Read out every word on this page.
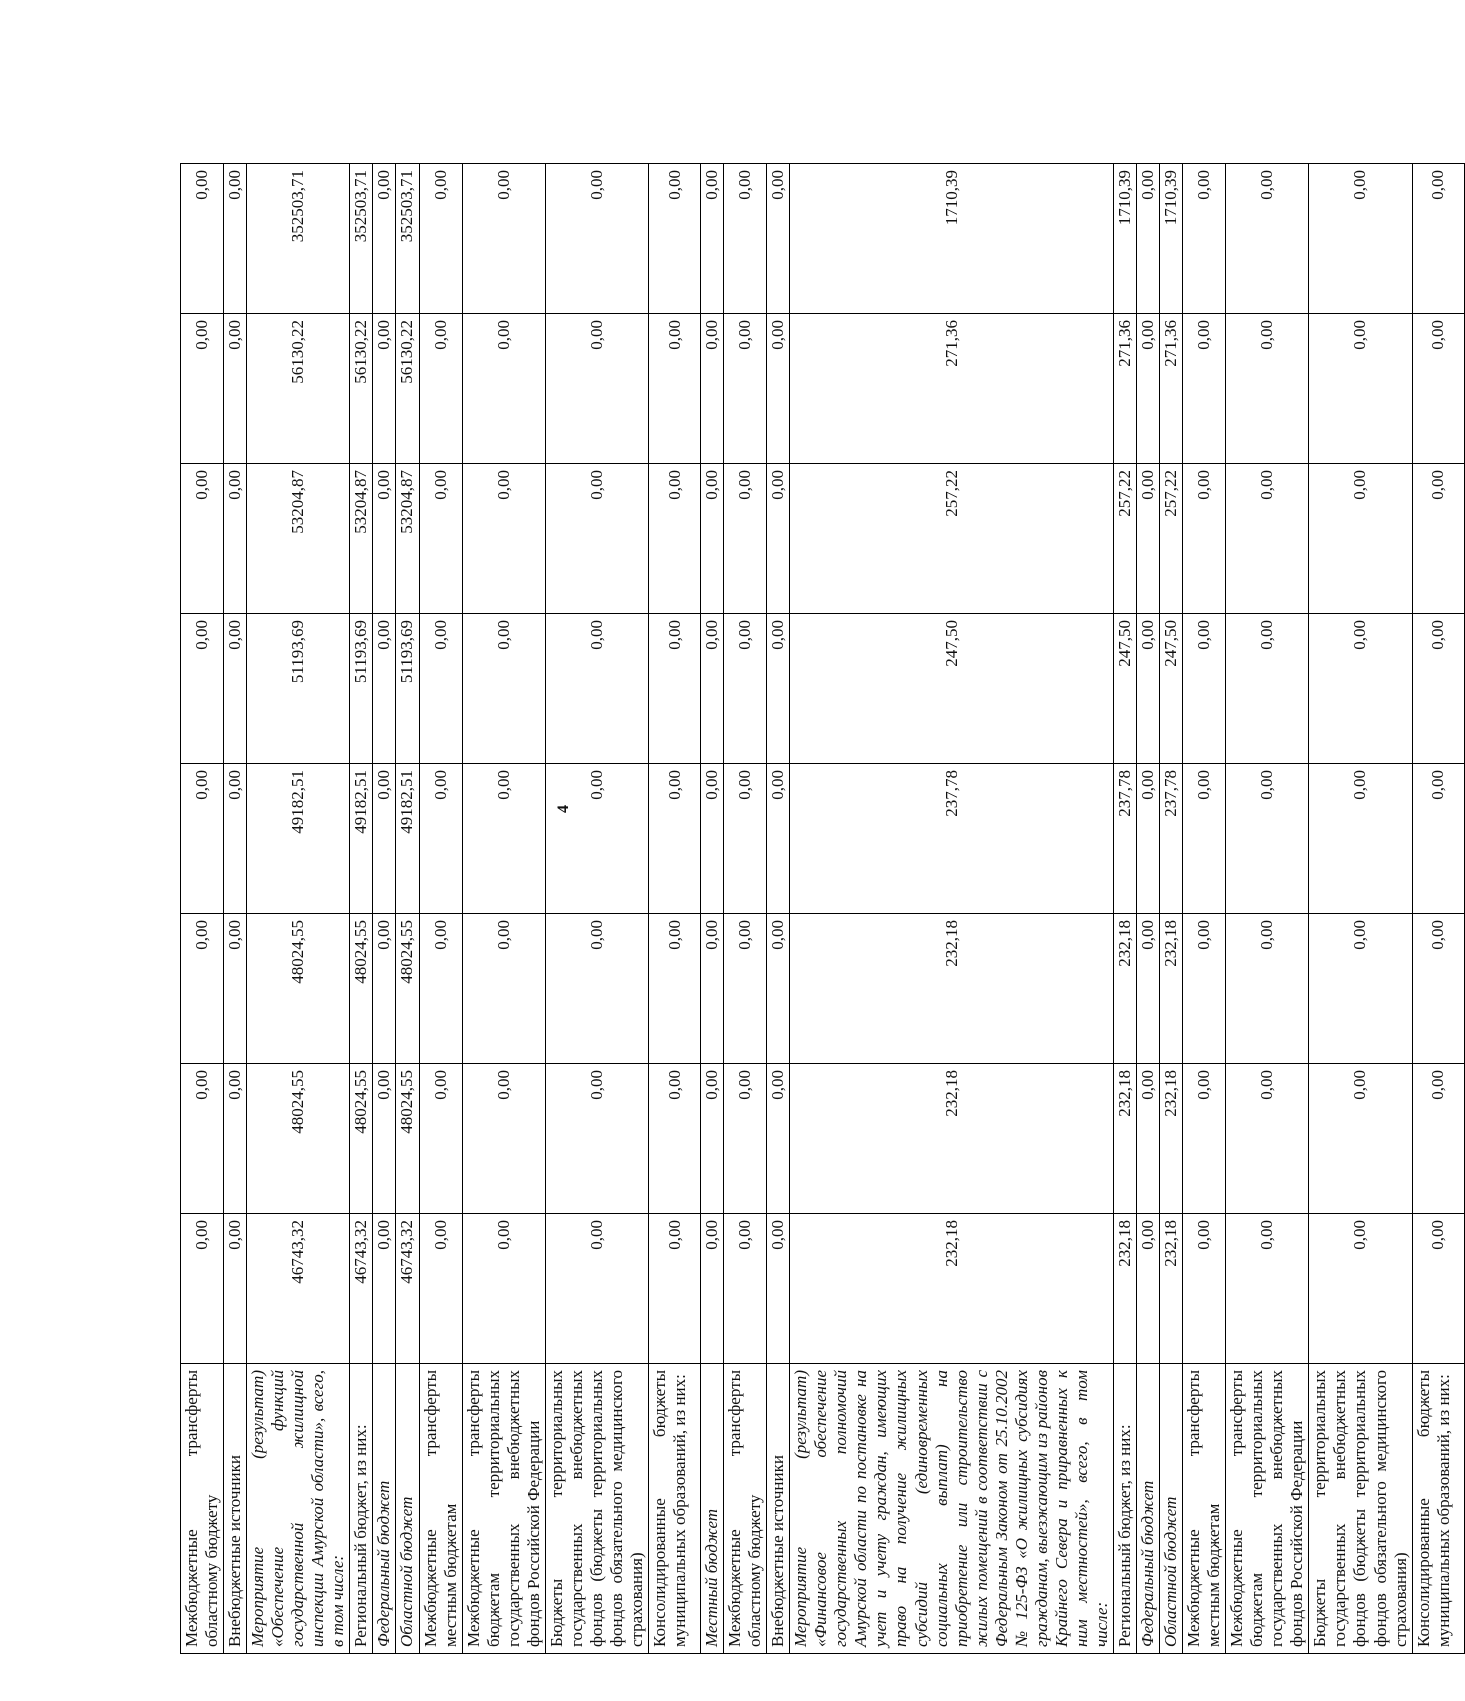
4
Межбюджетные трансферты областному бюджету	0,00	0,00	0,00	0,00	0,00	0,00	0,00	0,00
Внебюджетные источники	0,00	0,00	0,00	0,00	0,00	0,00	0,00	0,00
Мероприятие (результат) «Обеспечение функций государственной жилищной инспекции Амурской области», всего, в том числе:	46743,32	48024,55	48024,55	49182,51	51193,69	53204,87	56130,22	352503,71
Региональный бюджет, из них:	46743,32	48024,55	48024,55	49182,51	51193,69	53204,87	56130,22	352503,71
Федеральный бюджет	0,00	0,00	0,00	0,00	0,00	0,00	0,00	0,00
Областной бюджет	46743,32	48024,55	48024,55	49182,51	51193,69	53204,87	56130,22	352503,71
Межбюджетные трансферты местным бюджетам	0,00	0,00	0,00	0,00	0,00	0,00	0,00	0,00
Межбюджетные трансферты бюджетам территориальных государственных внебюджетных фондов Российской Федерации	0,00	0,00	0,00	0,00	0,00	0,00	0,00	0,00
Бюджеты территориальных государственных внебюджетных фондов (бюджеты территориальных фондов обязательного медицинского страхования)	0,00	0,00	0,00	0,00	0,00	0,00	0,00	0,00
Консолидированные бюджеты муниципальных образований, из них:	0,00	0,00	0,00	0,00	0,00	0,00	0,00	0,00
Местный бюджет	0,00	0,00	0,00	0,00	0,00	0,00	0,00	0,00
Межбюджетные трансферты областному бюджету	0,00	0,00	0,00	0,00	0,00	0,00	0,00	0,00
Внебюджетные источники	0,00	0,00	0,00	0,00	0,00	0,00	0,00	0,00
Мероприятие (результат) «Финансовое обеспечение государственных полномочий Амурской области по постановке на учет и учету граждан, имеющих право на получение жилищных субсидий (единовременных социальных выплат) на приобретение или строительство жилых помещений в соответствии с Федеральным Законом от 25.10.2002 № 125-ФЗ «О жилищных субсидиях гражданам, выезжающим из районов Крайнего Севера и приравненных к ним местностей», всего, в том числе:	232,18	232,18	232,18	237,78	247,50	257,22	271,36	1710,39
Региональный бюджет, из них:	232,18	232,18	232,18	237,78	247,50	257,22	271,36	1710,39
Федеральный бюджет	0,00	0,00	0,00	0,00	0,00	0,00	0,00	0,00
Областной бюджет	232,18	232,18	232,18	237,78	247,50	257,22	271,36	1710,39
Межбюджетные трансферты местным бюджетам	0,00	0,00	0,00	0,00	0,00	0,00	0,00	0,00
Межбюджетные трансферты бюджетам территориальных государственных внебюджетных фондов Российской Федерации	0,00	0,00	0,00	0,00	0,00	0,00	0,00	0,00
Бюджеты территориальных государственных внебюджетных фондов (бюджеты территориальных фондов обязательного медицинского страхования)	0,00	0,00	0,00	0,00	0,00	0,00	0,00	0,00
Консолидированные бюджеты муниципальных образований, из них:	0,00	0,00	0,00	0,00	0,00	0,00	0,00	0,00
